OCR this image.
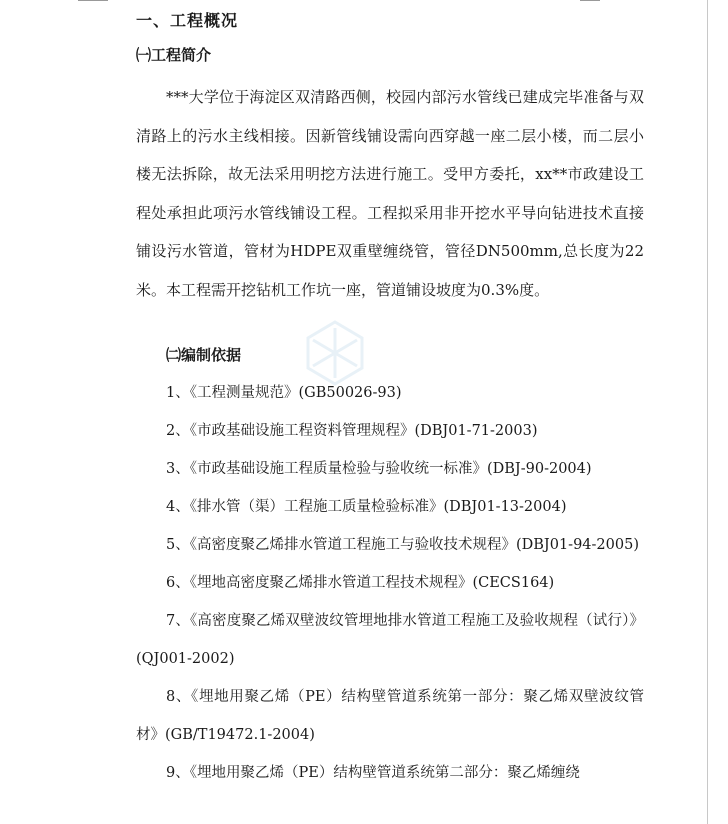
一、工程概况
㈠工程简介
***大学位于海淀区双清路西侧，校园内部污水管线已建成完毕准备与双清路上的污水主线相接。因新管线铺设需向西穿越一座二层小楼，而二层小楼无法拆除，故无法采用明挖方法进行施工。受甲方委托，xx**市政建设工程处承担此项污水管线铺设工程。工程拟采用非开挖水平导向钻进技术直接铺设污水管道，管材为HDPE双重壁缠绕管，管径DN500mm,总长度为22米。本工程需开挖钻机工作坑一座，管道铺设坡度为0.3%度。
㈡编制依据

1、《工程测量规范》(GB50026-93)

2、《市政基础设施工程资料管理规程》(DBJ01-71-2003)

3、《市政基础设施工程质量检验与验收统一标准》(DBJ-90-2004)

4、《排水管（渠）工程施工质量检验标准》(DBJ01-13-2004)

5、《高密度聚乙烯排水管道工程施工与验收技术规程》(DBJ01-94-2005)

6、《埋地高密度聚乙烯排水管道工程技术规程》(CECS164)

7、《高密度聚乙烯双壁波纹管埋地排水管道工程施工及验收规程（试行）》(QJ001-2002)

8、《埋地用聚乙烯（PE）结构壁管道系统第一部分：聚乙烯双壁波纹管材》(GB/T19472.1-2004)

9、《埋地用聚乙烯（PE）结构壁管道系统第二部分：聚乙烯缠绕
